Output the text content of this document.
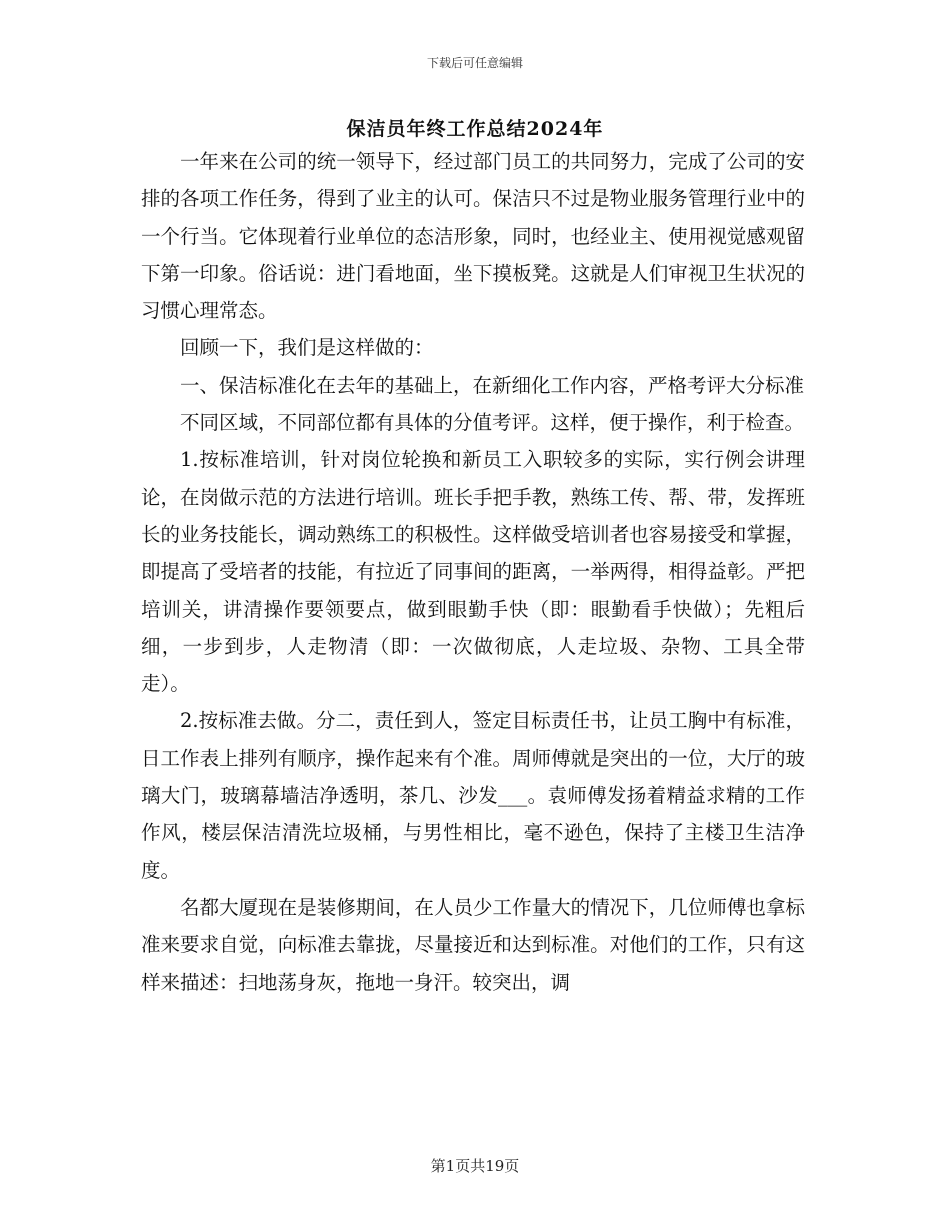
下载后可任意编辑
保洁员年终工作总结2024年

一年来在公司的统一领导下，经过部门员工的共同努力，完成了公司的安排的各项工作任务，得到了业主的认可。保洁只不过是物业服务管理行业中的一个行当。它体现着行业单位的态洁形象，同时，也经业主、使用视觉感观留下第一印象。俗话说：进门看地面，坐下摸板凳。这就是人们审视卫生状况的习惯心理常态。

回顾一下，我们是这样做的：

一、保洁标准化在去年的基础上，在新细化工作内容，严格考评大分标准

不同区域，不同部位都有具体的分值考评。这样，便于操作，利于检查。

1.按标准培训，针对岗位轮换和新员工入职较多的实际，实行例会讲理论，在岗做示范的方法进行培训。班长手把手教，熟练工传、帮、带，发挥班长的业务技能长，调动熟练工的积极性。这样做受培训者也容易接受和掌握，即提高了受培者的技能，有拉近了同事间的距离，一举两得，相得益彰。严把培训关，讲清操作要领要点，做到眼勤手快（即：眼勤看手快做）；先粗后细，一步到步，人走物清（即：一次做彻底，人走垃圾、杂物、工具全带走）。

2.按标准去做。分二，责任到人，签定目标责任书，让员工胸中有标准，日工作表上排列有顺序，操作起来有个准。周师傅就是突出的一位，大厅的玻璃大门，玻璃幕墙洁净透明，茶几、沙发___。袁师傅发扬着精益求精的工作作风，楼层保洁清洗垃圾桶，与男性相比，毫不逊色，保持了主楼卫生洁净度。

名都大厦现在是装修期间，在人员少工作量大的情况下，几位师傅也拿标准来要求自觉，向标准去靠拢，尽量接近和达到标准。对他们的工作，只有这样来描述：扫地荡身灰，拖地一身汗。较突出，调

第1页共19页
